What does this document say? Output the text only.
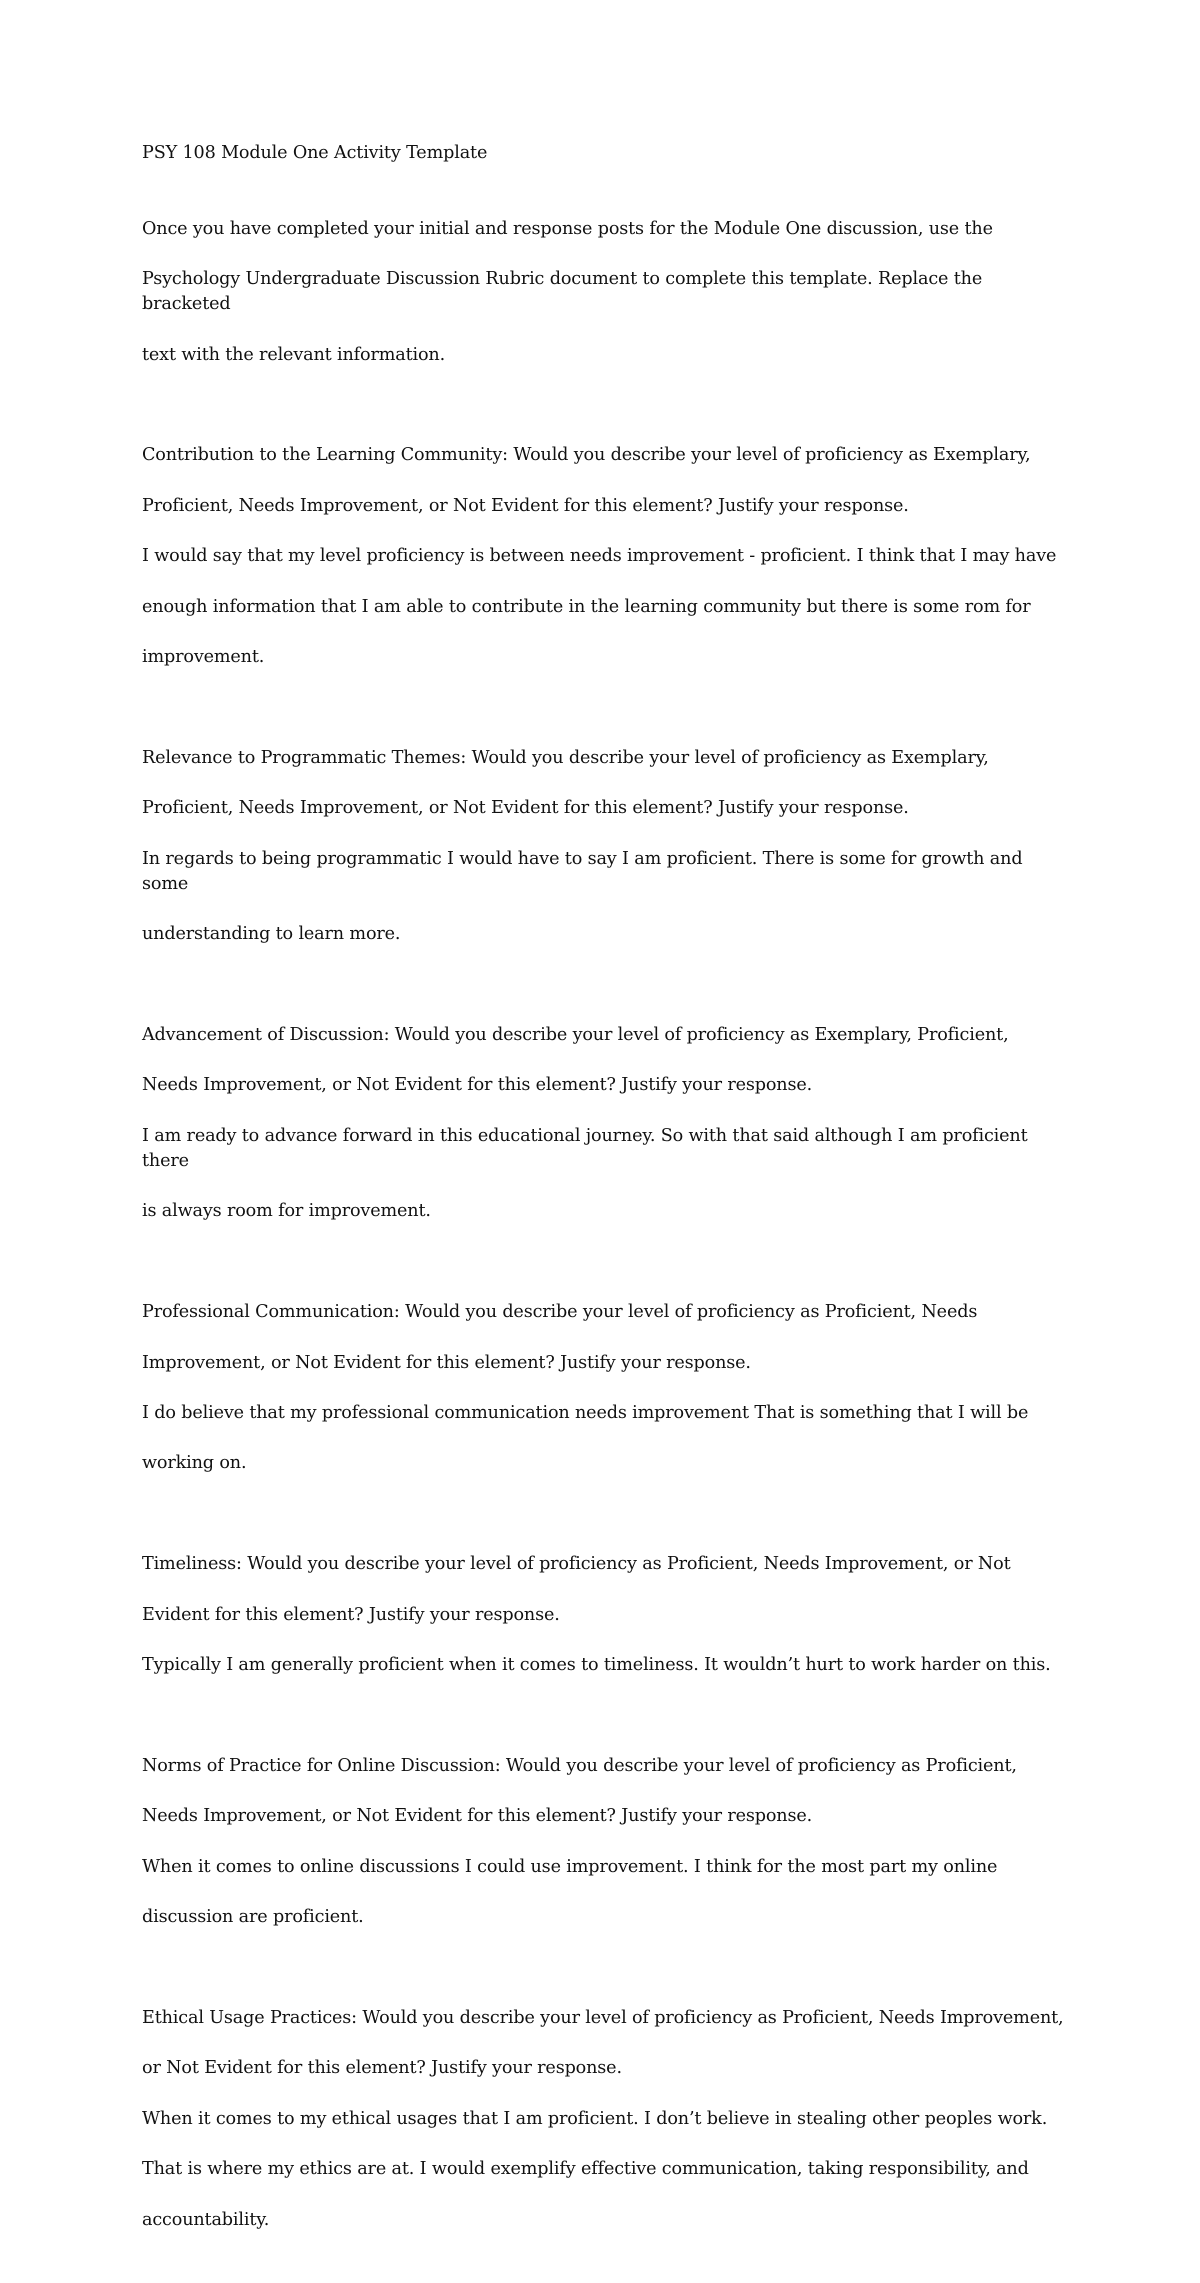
PSY 108 Module One Activity Template

Once you have completed your initial and response posts for the Module One discussion, use the

Psychology Undergraduate Discussion Rubric document to complete this template. Replace the bracketed

text with the relevant information.

Contribution to the Learning Community: Would you describe your level of proficiency as Exemplary,

Proficient, Needs Improvement, or Not Evident for this element? Justify your response.

I would say that my level proficiency is between needs improvement - proficient. I think that I may have

enough information that I am able to contribute in the learning community but there is some rom for

improvement.

Relevance to Programmatic Themes: Would you describe your level of proficiency as Exemplary,

Proficient, Needs Improvement, or Not Evident for this element? Justify your response.

In regards to being programmatic I would have to say I am proficient. There is some for growth and some

understanding to learn more.

Advancement of Discussion: Would you describe your level of proficiency as Exemplary, Proficient,

Needs Improvement, or Not Evident for this element? Justify your response.

I am ready to advance forward in this educational journey. So with that said although I am proficient there

is always room for improvement.

Professional Communication: Would you describe your level of proficiency as Proficient, Needs

Improvement, or Not Evident for this element? Justify your response.

I do believe that my professional communication needs improvement That is something that I will be

working on.

Timeliness: Would you describe your level of proficiency as Proficient, Needs Improvement, or Not

Evident for this element? Justify your response.

Typically I am generally proficient when it comes to timeliness. It wouldn’t hurt to work harder on this.

Norms of Practice for Online Discussion: Would you describe your level of proficiency as Proficient,

Needs Improvement, or Not Evident for this element? Justify your response.

When it comes to online discussions I could use improvement. I think for the most part my online

discussion are proficient.

Ethical Usage Practices: Would you describe your level of proficiency as Proficient, Needs Improvement,

or Not Evident for this element? Justify your response.

When it comes to my ethical usages that I am proficient. I don’t believe in stealing other peoples work.

That is where my ethics are at. I would exemplify effective communication, taking responsibility, and

accountability.
